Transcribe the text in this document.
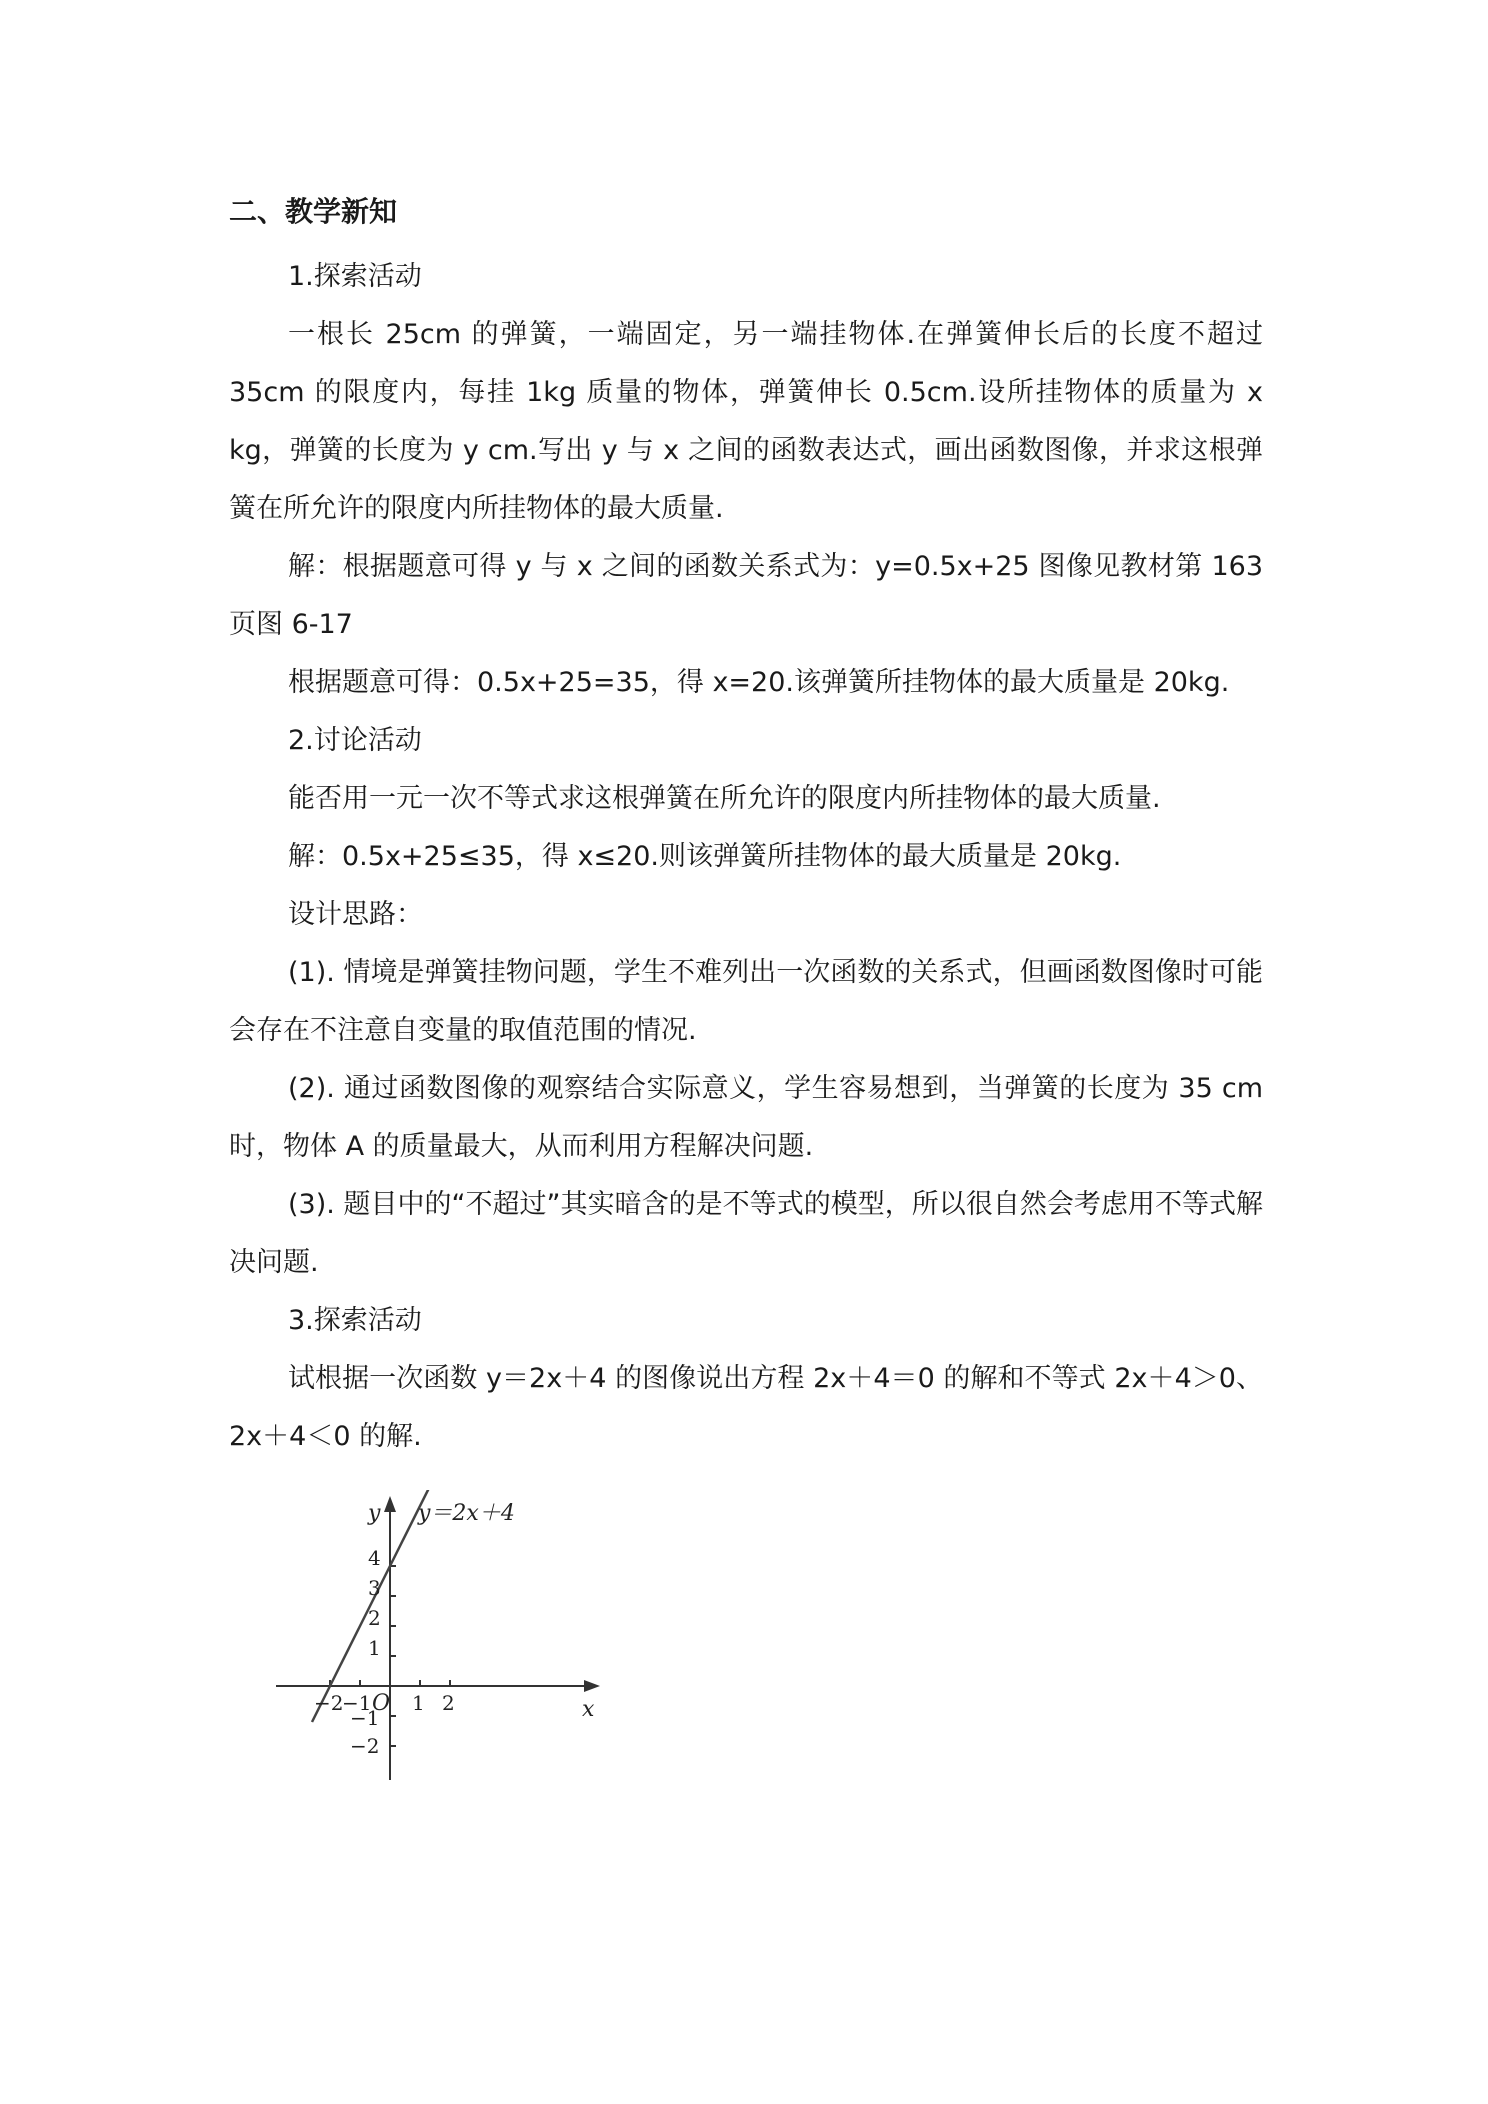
二、教学新知

1.探索活动

一根长 25cm 的弹簧，一端固定，另一端挂物体.在弹簧伸长后的长度不超过 35cm 的限度内，每挂 1kg 质量的物体，弹簧伸长 0.5cm.设所挂物体的质量为 x kg，弹簧的长度为 y cm.写出 y 与 x 之间的函数表达式，画出函数图像，并求这根弹簧在所允许的限度内所挂物体的最大质量.

解：根据题意可得 y 与 x 之间的函数关系式为：y=0.5x+25 图像见教材第 163 页图 6-17

根据题意可得：0.5x+25=35，得 x=20.该弹簧所挂物体的最大质量是 20kg.

2.讨论活动

能否用一元一次不等式求这根弹簧在所允许的限度内所挂物体的最大质量.

解：0.5x+25≤35，得 x≤20.则该弹簧所挂物体的最大质量是 20kg.

设计思路：

(1). 情境是弹簧挂物问题，学生不难列出一次函数的关系式，但画函数图像时可能会存在不注意自变量的取值范围的情况.

(2). 通过函数图像的观察结合实际意义，学生容易想到，当弹簧的长度为 35 cm 时，物体 A 的质量最大，从而利用方程解决问题.

(3). 题目中的“不超过”其实暗含的是不等式的模型，所以很自然会考虑用不等式解决问题.

3.探索活动

试根据一次函数 y＝2x＋4 的图像说出方程 2x＋4＝0 的解和不等式 2x＋4＞0、2x＋4＜0 的解.

y
x
y＝2x＋4
O
−2
−1 1 2
4
3
2
1
−1
−2
